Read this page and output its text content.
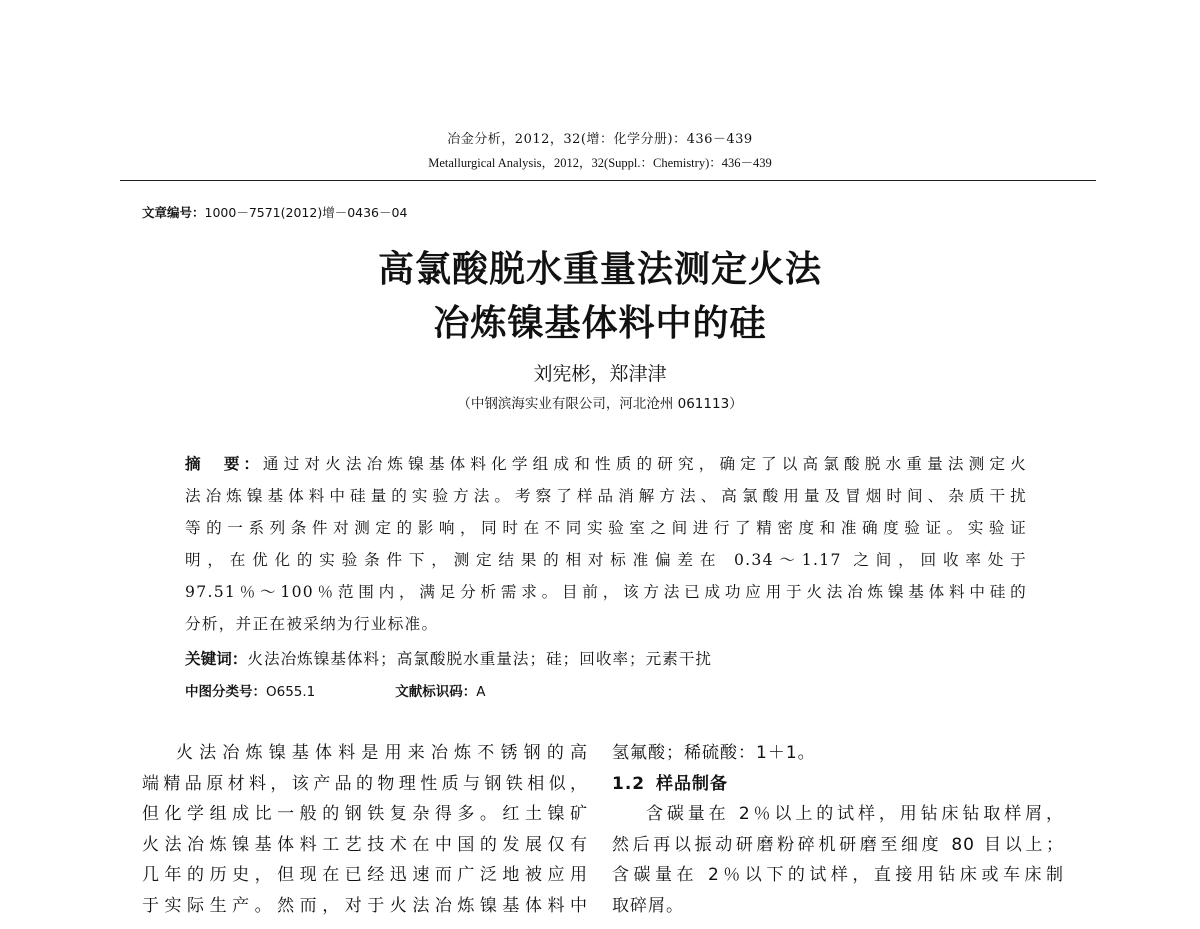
冶金分析，2012，32(增：化学分册)：436－439
Metallurgical Analysis，2012，32(Suppl.：Chemistry)：436－439
文章编号：1000－7571(2012)增－0436－04
高氯酸脱水重量法测定火法
冶炼镍基体料中的硅
刘宪彬，郑津津
（中钢滨海实业有限公司，河北沧州 061113）
摘　要：通过对火法冶炼镍基体料化学组成和性质的研究，确定了以高氯酸脱水重量法测定火
法冶炼镍基体料中硅量的实验方法。考察了样品消解方法、高氯酸用量及冒烟时间、杂质干扰
等的一系列条件对测定的影响，同时在不同实验室之间进行了精密度和准确度验证。实验证
明，在优化的实验条件下，测定结果的相对标准偏差在 0.34～1.17 之间，回收率处于
97.51％～100％范围内，满足分析需求。目前，该方法已成功应用于火法冶炼镍基体料中硅的
分析，并正在被采纳为行业标准。
关键词：火法冶炼镍基体料；高氯酸脱水重量法；硅；回收率；元素干扰
中图分类号：O655.1	文献标识码：A
火法冶炼镍基体料是用来冶炼不锈钢的高
端精品原材料，该产品的物理性质与钢铁相似，
但化学组成比一般的钢铁复杂得多。红土镍矿
火法冶炼镍基体料工艺技术在中国的发展仅有
几年的历史，但现在已经迅速而广泛地被应用
于实际生产。然而，对于火法冶炼镍基体料中
氢氟酸；稀硫酸：1＋1。
1.2 样品制备
含碳量在 2％以上的试样，用钻床钻取样屑，
然后再以振动研磨粉碎机研磨至细度 80 目以上；
含碳量在 2％以下的试样，直接用钻床或车床制
取碎屑。
